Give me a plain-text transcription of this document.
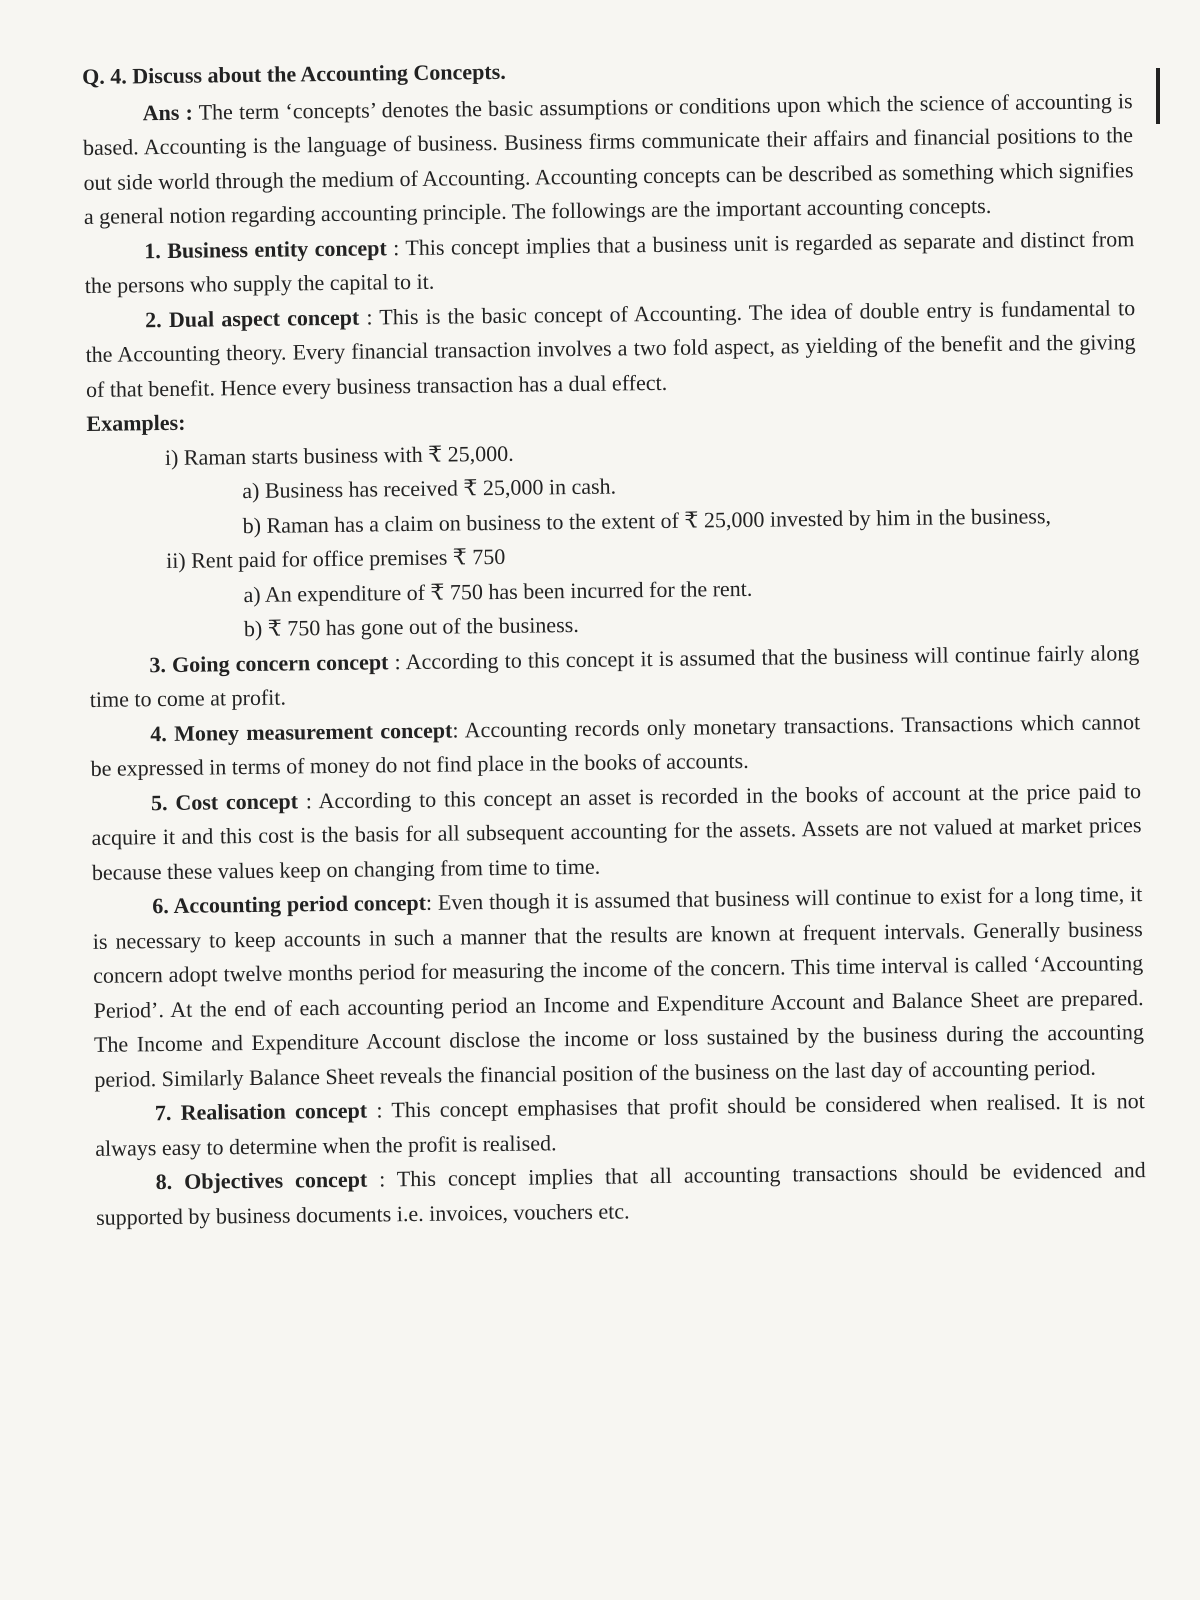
Q. 4. Discuss about the Accounting Concepts.

Ans : The term ‘concepts’ denotes the basic assumptions or conditions upon which the science of accounting is based. Accounting is the language of business. Business firms communicate their affairs and financial positions to the out side world through the medium of Accounting. Accounting concepts can be described as something which signifies a general notion regarding accounting principle. The followings are the important accounting concepts.

1. Business entity concept : This concept implies that a business unit is regarded as separate and distinct from the persons who supply the capital to it.

2. Dual aspect concept : This is the basic concept of Accounting. The idea of double entry is fundamental to the Accounting theory. Every financial transaction involves a two fold aspect, as yielding of the benefit and the giving of that benefit. Hence every business transaction has a dual effect.

Examples:

i) Raman starts business with ₹ 25,000.

a) Business has received ₹ 25,000 in cash.

b) Raman has a claim on business to the extent of ₹ 25,000 invested by him in the business,

ii) Rent paid for office premises ₹ 750

a) An expenditure of ₹ 750 has been incurred for the rent.

b) ₹ 750 has gone out of the business.

3. Going concern concept : According to this concept it is assumed that the business will continue fairly along time to come at profit.

4. Money measurement concept: Accounting records only monetary transactions. Transactions which cannot be expressed in terms of money do not find place in the books of accounts.

5. Cost concept : According to this concept an asset is recorded in the books of account at the price paid to acquire it and this cost is the basis for all subsequent accounting for the assets. Assets are not valued at market prices because these values keep on changing from time to time.

6. Accounting period concept: Even though it is assumed that business will continue to exist for a long time, it is necessary to keep accounts in such a manner that the results are known at frequent intervals. Generally business concern adopt twelve months period for measuring the income of the concern. This time interval is called ‘Accounting Period’. At the end of each accounting period an Income and Expenditure Account and Balance Sheet are prepared. The Income and Expenditure Account disclose the income or loss sustained by the business during the accounting period. Similarly Balance Sheet reveals the financial position of the business on the last day of accounting period.

7. Realisation concept : This concept emphasises that profit should be considered when realised. It is not always easy to determine when the profit is realised.

8. Objectives concept : This concept implies that all accounting transactions should be evidenced and supported by business documents i.e. invoices, vouchers etc.
